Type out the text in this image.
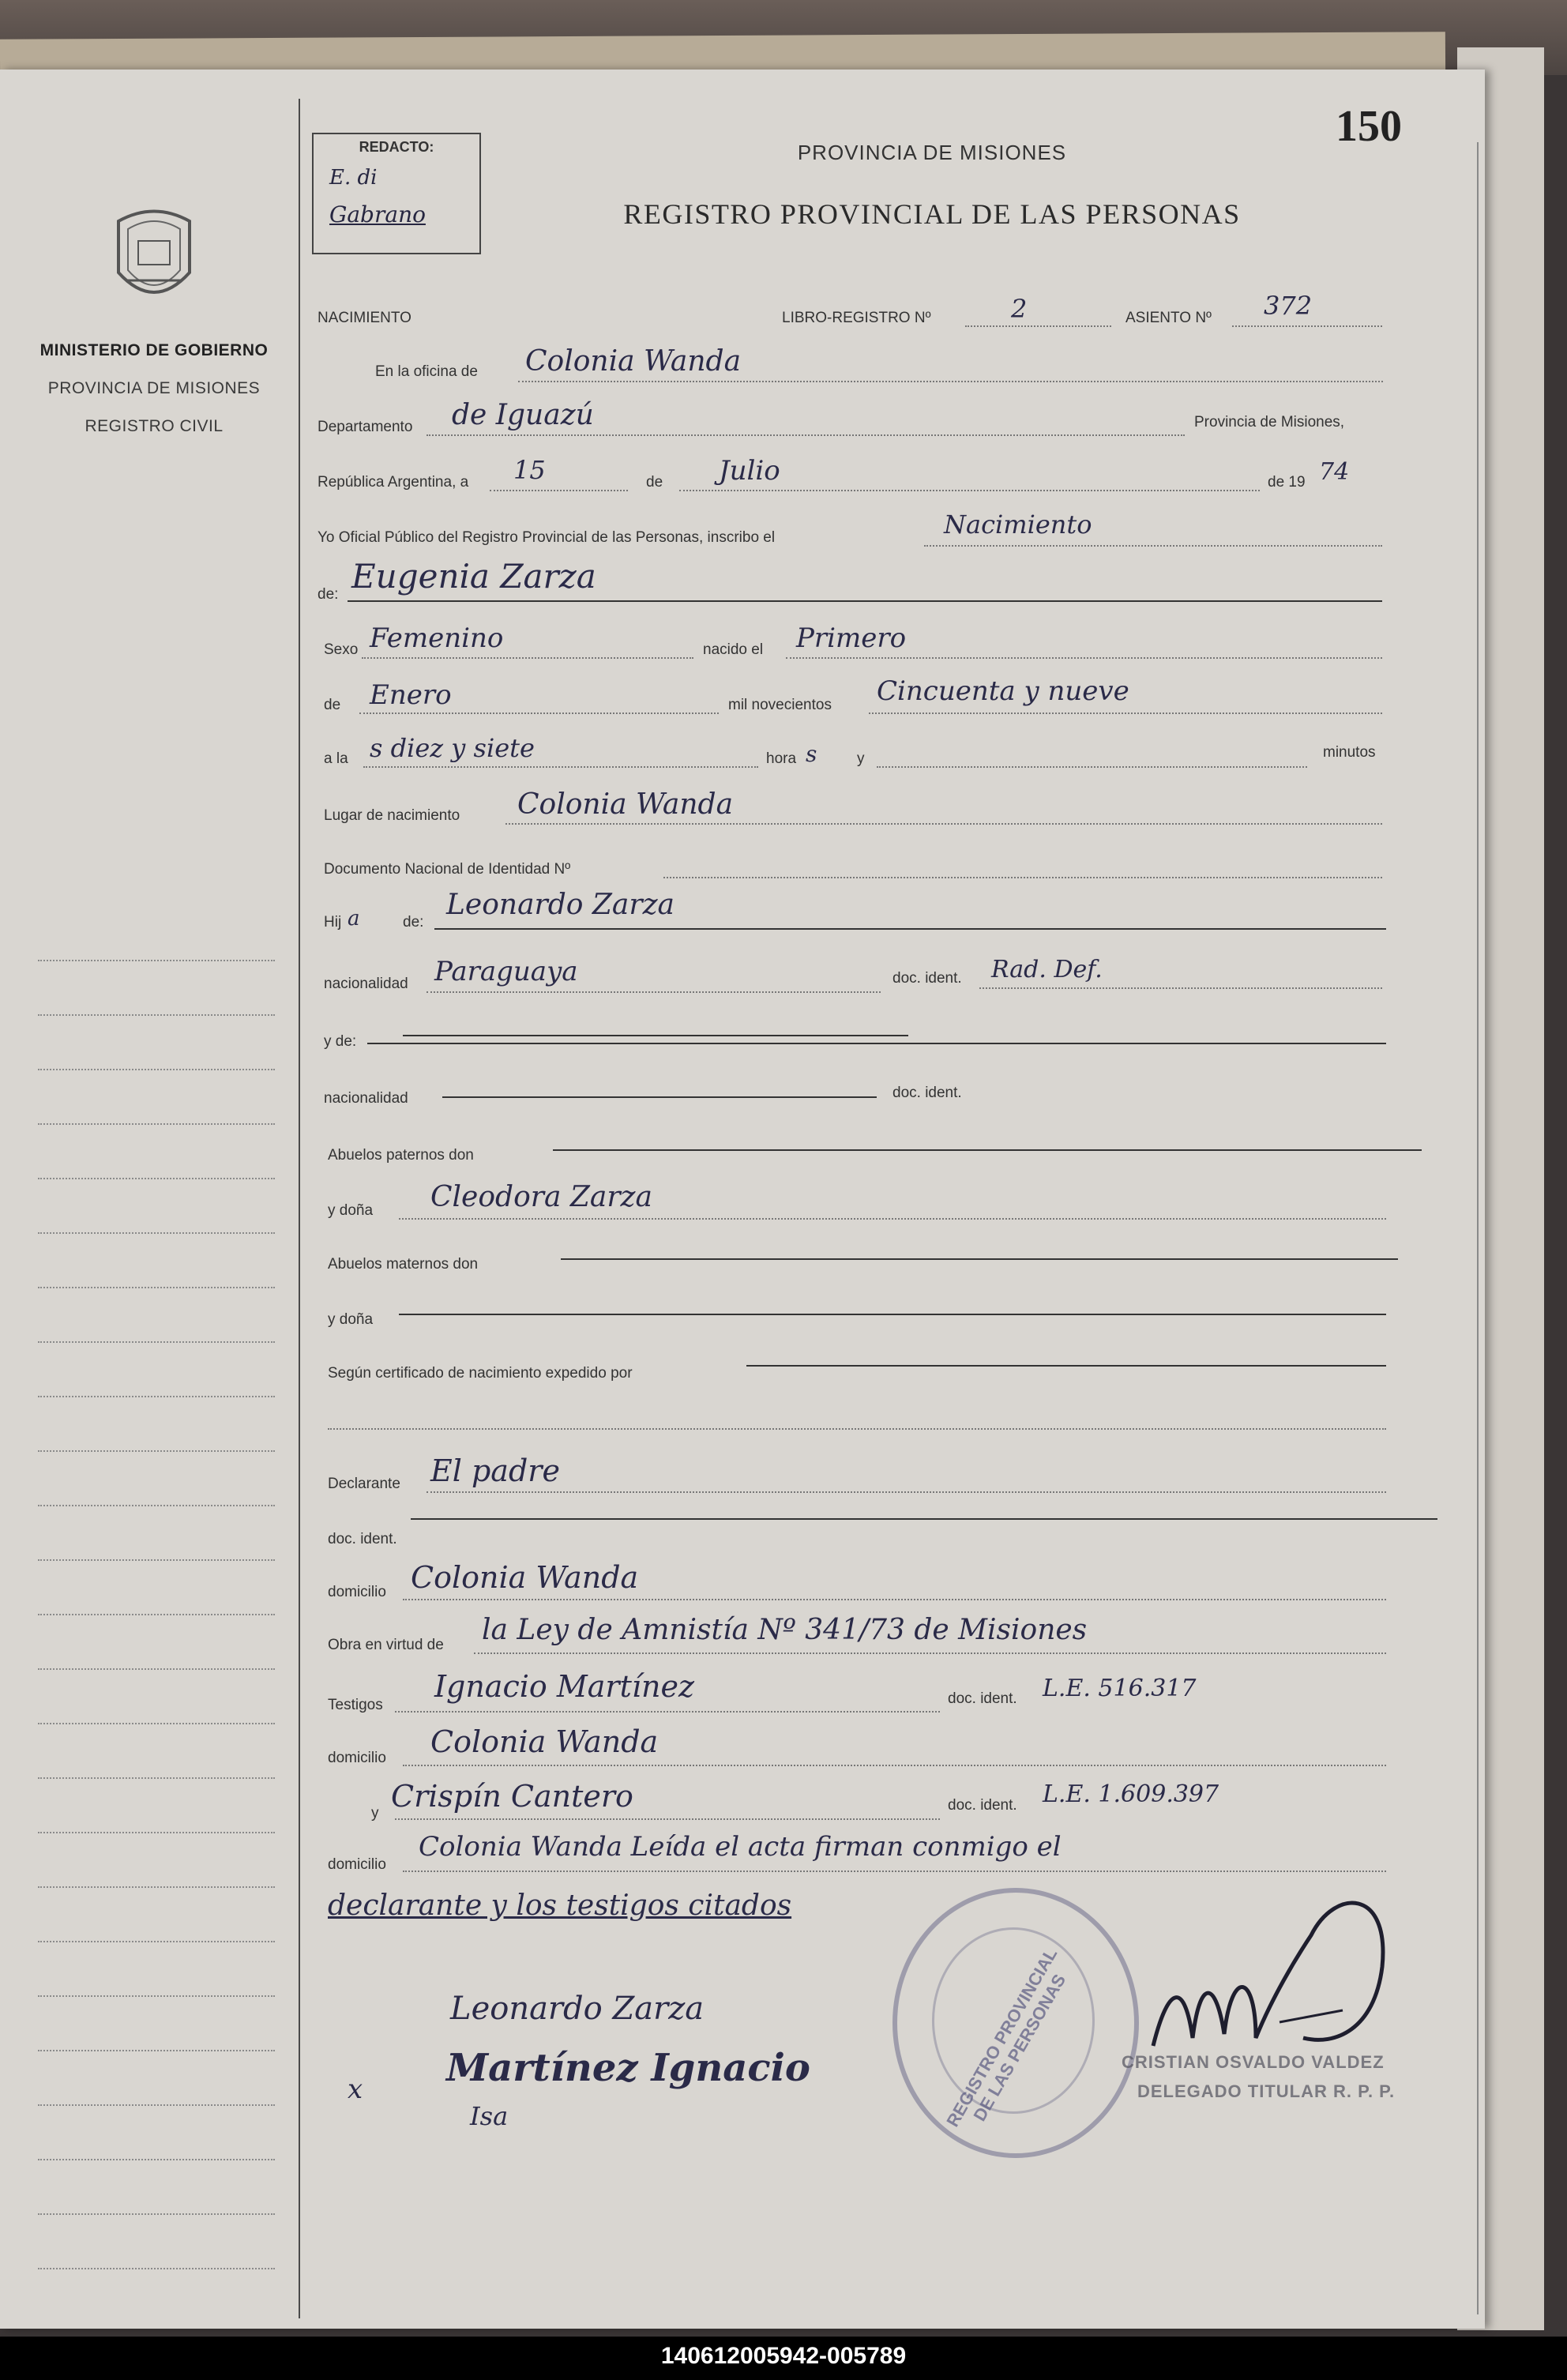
MINISTERIO DE GOBIERNO
PROVINCIA DE MISIONES
REGISTRO CIVIL
REDACTO:
E. di
Gabrano
PROVINCIA DE MISIONES
REGISTRO PROVINCIAL DE LAS PERSONAS
150
NACIMIENTO	LIBRO-REGISTRO Nº	2	ASIENTO Nº 372
En la oficina de Colonia Wanda
Departamento de Iguazú	Provincia de Misiones,
República Argentina, a 15	de Julio	de 19 74
Yo Oficial Público del Registro Provincial de las Personas, inscribo el	Nacimiento
de: Eugenia Zarza
Sexo Femenino	nacido el Primero
de Enero	mil novecientos Cincuenta y nueve
a la s diez y siete	hora s	y	minutos
Lugar de nacimiento Colonia Wanda
Documento Nacional de Identidad Nº
Hij a	de:
Leonardo Zarza
nacionalidad Paraguaya	doc. ident. Rad. Def.
y de:
nacionalidad	doc. ident.
Abuelos paternos don
y doña Cleodora Zarza
Abuelos maternos don
y doña
Según certificado de nacimiento expedido por
Declarante El padre
doc. ident.
domicilio Colonia Wanda
Obra en virtud de la Ley de Amnistía Nº 341/73 de Misiones
Testigos
Ignacio Martínez	doc. ident. L.E. 516.317
domicilio Colonia Wanda
y Crispín Cantero	doc. ident. L.E. 1.609.397
domicilio
Colonia Wanda Leída el acta firman conmigo el
declarante y los testigos citados
REGISTRO PROVINCIAL DE LAS PERSONAS
Leonardo Zarza
Martínez Ignacio
x
Isa
CRISTIAN OSVALDO VALDEZ
DELEGADO TITULAR R. P. P.
140612005942-005789
